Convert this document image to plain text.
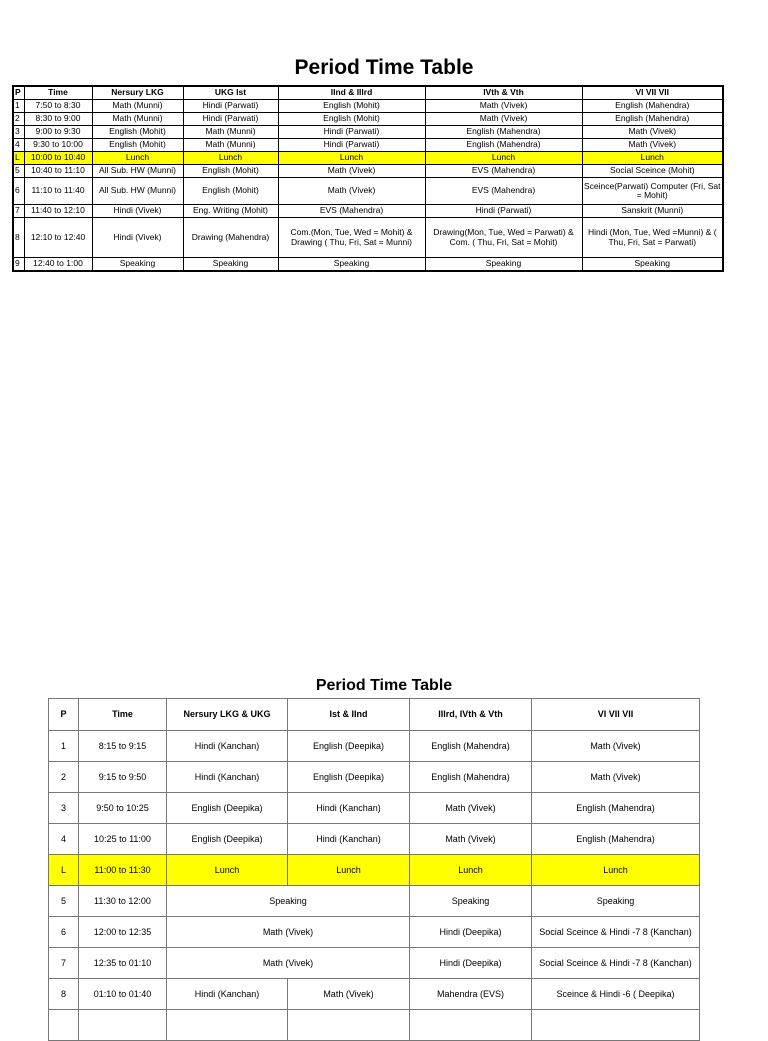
Period Time Table
P	Time	Nersury LKG	UKG Ist	IInd & IIIrd	IVth & Vth	VI VII VII
1	7:50 to 8:30	Math (Munni)	Hindi (Parwati)	English (Mohit)	Math (Vivek)	English (Mahendra)
2	8:30 to 9:00	Math (Munni)	Hindi (Parwati)	English (Mohit)	Math (Vivek)	English (Mahendra)
3	9:00 to 9:30	English (Mohit)	Math (Munni)	Hindi (Parwati)	English (Mahendra)	Math (Vivek)
4	9:30 to 10:00	English (Mohit)	Math (Munni)	Hindi (Parwati)	English (Mahendra)	Math (Vivek)
L	10:00 to 10:40	Lunch	Lunch	Lunch	Lunch	Lunch
5	10:40 to 11:10	All Sub. HW (Munni)	English (Mohit)	Math (Vivek)	EVS (Mahendra)	Social Sceince (Mohit)
6	11:10 to 11:40	All Sub. HW (Munni)	English (Mohit)	Math (Vivek)	EVS (Mahendra)	Sceince(Parwati) Computer (Fri, Sat = Mohit)
7	11:40 to 12:10	Hindi (Vivek)	Eng. Writing (Mohit)	EVS (Mahendra)	Hindi (Parwati)	Sanskrit (Munni)
8	12:10 to 12:40	Hindi (Vivek)	Drawing (Mahendra)	Com.(Mon, Tue, Wed = Mohit) & Drawing ( Thu, Fri, Sat = Munni)	Drawing(Mon, Tue, Wed = Parwati) & Com. ( Thu, Fri, Sat = Mohit)	Hindi (Mon, Tue, Wed =Munni) & ( Thu, Fri, Sat = Parwati)
9	12:40 to 1:00	Speaking	Speaking	Speaking	Speaking	Speaking
Period Time Table
P	Time	Nersury LKG & UKG	Ist & IInd	IIIrd, IVth & Vth	VI VII VII
1	8:15 to 9:15	Hindi (Kanchan)	English (Deepika)	English (Mahendra)	Math (Vivek)
2	9:15 to 9:50	Hindi (Kanchan)	English (Deepika)	English (Mahendra)	Math (Vivek)
3	9:50 to 10:25	English (Deepika)	Hindi (Kanchan)	Math (Vivek)	English (Mahendra)
4	10:25 to 11:00	English (Deepika)	Hindi (Kanchan)	Math (Vivek)	English (Mahendra)
L	11:00 to 11:30	Lunch	Lunch	Lunch	Lunch
5	11:30 to 12:00	Speaking		Speaking	Speaking
6	12:00 to 12:35	Math (Vivek)		Hindi (Deepika)	Social Sceince & Hindi -7 8 (Kanchan)
7	12:35 to 01:10	Math (Vivek)		Hindi (Deepika)	Social Sceince & Hindi -7 8 (Kanchan)
8	01:10 to 01:40	Hindi (Kanchan)	Math (Vivek)	Mahendra (EVS)	Sceince & Hindi -6 ( Deepika)
